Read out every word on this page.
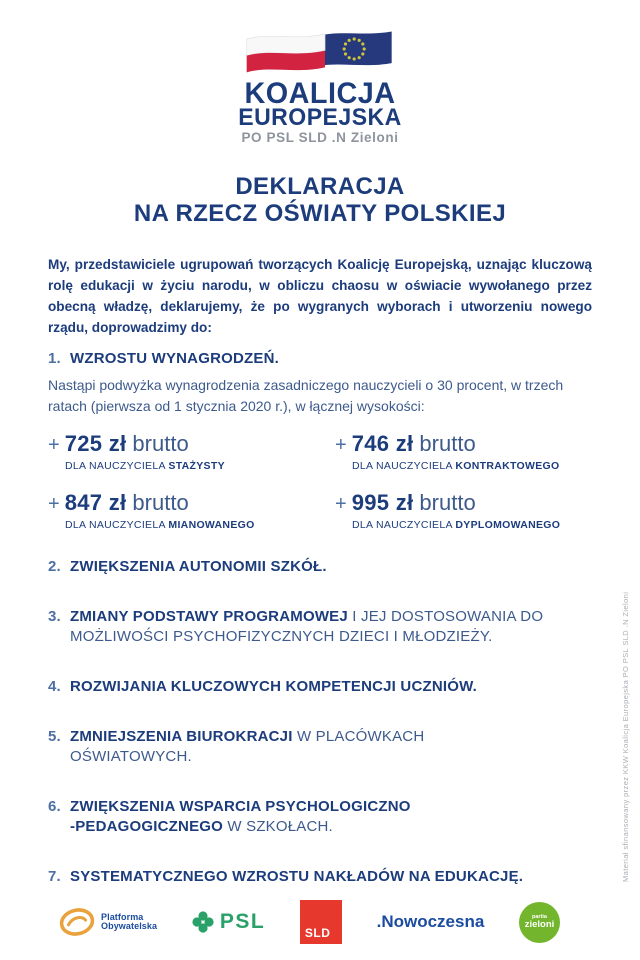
Materiał sfinansowany przez KKW Koalicja Europejska PO PSL SLD .N Zieloni
KOALICJA
EUROPEJSKA
PO PSL SLD .N Zieloni
DEKLARACJA
NA RZECZ OŚWIATY POLSKIEJ

My, przedstawiciele ugrupowań tworzących Koalicję Europejską, uznając kluczową rolę edukacji w życiu narodu, w obliczu chaosu w oświacie wywołanego przez obecną władzę, deklarujemy, że po wygranych wyborach i utworzeniu nowego rządu, doprowadzimy do:

1. WZROSTU WYNAGRODZEŃ.

Nastąpi podwyżka wynagrodzenia zasadniczego nauczycieli o 30 procent, w trzech ratach (pierwsza od 1 stycznia 2020 r.), w łącznej wysokości:

+ 725 zł brutto
DLA NAUCZYCIELA STAŻYSTY
+ 746 zł brutto
DLA NAUCZYCIELA KONTRAKTOWEGO
+ 847 zł brutto
DLA NAUCZYCIELA MIANOWANEGO
+ 995 zł brutto
DLA NAUCZYCIELA DYPLOMOWANEGO
2. ZWIĘKSZENIA AUTONOMII SZKÓŁ.
3. ZMIANY PODSTAWY PROGRAMOWEJ I JEJ DOSTOSOWANIA DO
MOŻLIWOŚCI PSYCHOFIZYCZNYCH DZIECI I MŁODZIEŻY.
4. ROZWIJANIA KLUCZOWYCH KOMPETENCJI UCZNIÓW.
5. ZMNIEJSZENIA BIUROKRACJI W PLACÓWKACH
OŚWIATOWYCH.
6. ZWIĘKSZENIA WSPARCIA PSYCHOLOGICZNO
-PEDAGOGICZNEGO W SZKOŁACH.
7. SYSTEMATYCZNEGO WZROSTU NAKŁADÓW NA EDUKACJĘ.
Platforma
Obywatelska	PSL	SLD
.Nowoczesna	partia
zieloni
